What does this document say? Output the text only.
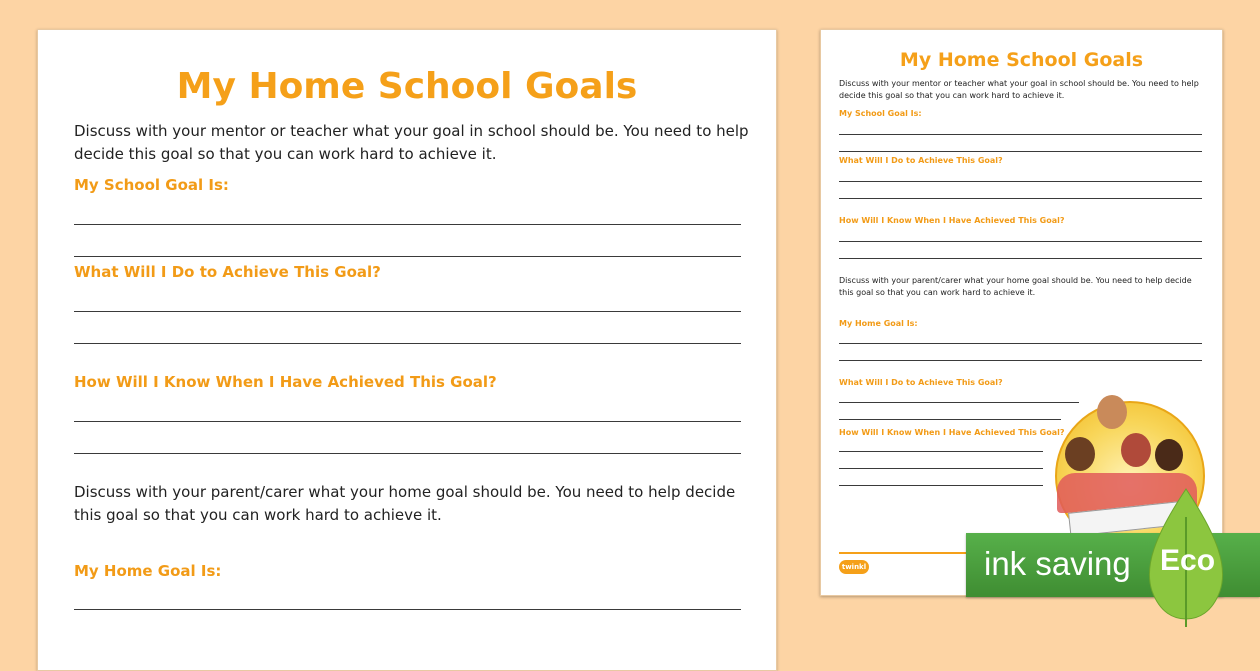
My Home School Goals
Discuss with your mentor or teacher what your goal in school should be. You need to help decide this goal so that you can work hard to achieve it.
My School Goal Is:
What Will I Do to Achieve This Goal?
How Will I Know When I Have Achieved This Goal?
Discuss with your parent/carer what your home goal should be. You need to help decide this goal so that you can work hard to achieve it.
My Home Goal Is:
My Home School Goals
Discuss with your mentor or teacher what your goal in school should be. You need to help decide this goal so that you can work hard to achieve it.
My School Goal Is:
What Will I Do to Achieve This Goal?
How Will I Know When I Have Achieved This Goal?
Discuss with your parent/carer what your home goal should be. You need to help decide this goal so that you can work hard to achieve it.
My Home Goal Is:
What Will I Do to Achieve This Goal?
How Will I Know When I Have Achieved This Goal?
twinkl	ink saving Eco
